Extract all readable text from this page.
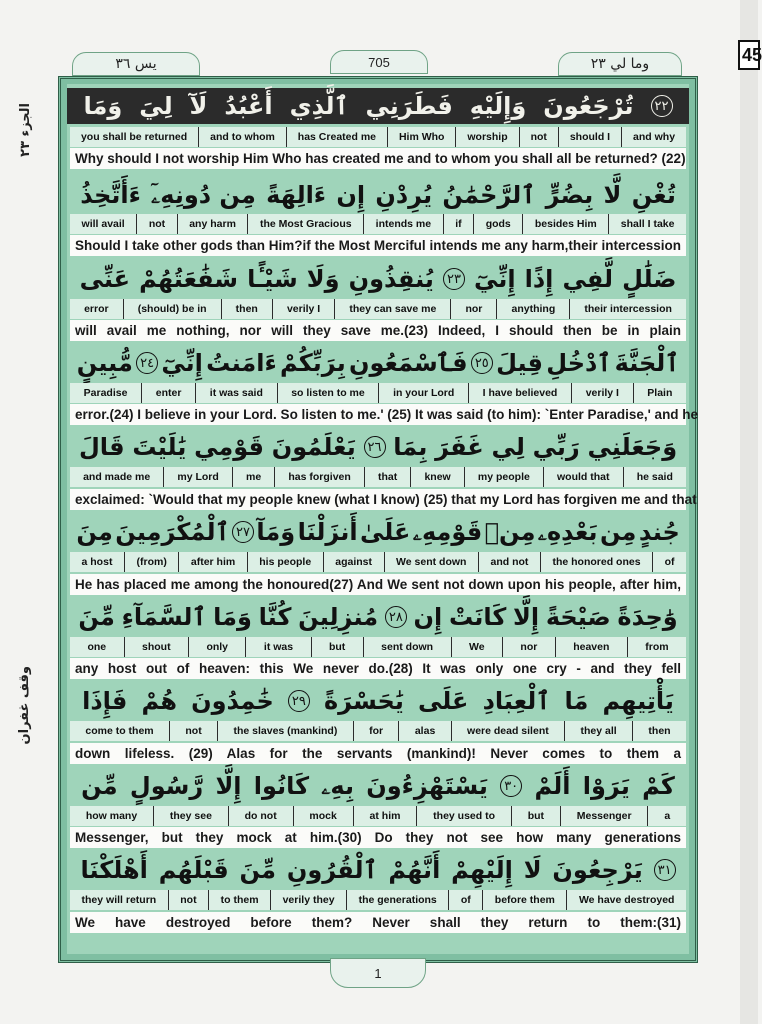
45
الجزء ٢٣
وقف غفران
يس ٣٦	705	وما لي ٢٣
وَمَا لِيَ لَآ أَعْبُدُ ٱلَّذِي فَطَرَنِي وَإِلَيْهِ تُرْجَعُونَ	٢٢
you shall be returned	and to whom	has Created me	Him Who	worship	not	should I	and why
Why should I not worship Him Who has created me and to whom you shall all be returned? (22)
ءَأَتَّخِذُ مِن دُونِهِۦٓ ءَالِهَةً إِن يُرِدْنِ ٱلرَّحْمَٰنُ بِضُرٍّ لَّا تُغْنِ
will avail	not	any harm	the Most Gracious	intends me	if	gods	besides Him	shall I take
Should I take other gods than Him?if the Most Merciful intends me any harm,their intercession
عَنِّى شَفَٰعَتُهُمْ شَيْـًٔا وَلَا يُنقِذُونِ	٢٣ إِنِّيٓ إِذًا لَّفِي ضَلَٰلٍ
error	(should) be in	then	verily I	they can save me	nor	anything	their intercession
will avail me nothing, nor will they save me.(23) Indeed, I should then be in plain
مُّبِينٍ ٢٤ إِنِّيٓ ءَامَنتُ بِرَبِّكُمْ فَٱسْمَعُونِ ٢٥ قِيلَ ٱدْخُلِ ٱلْجَنَّةَ
Paradise	enter	it was said	so listen to me	in your Lord	I have believed	verily I	Plain
error.(24) I believe in your Lord. So listen to me.' (25) It was said (to him): `Enter Paradise,' and he
قَالَ يَٰلَيْتَ قَوْمِي يَعْلَمُونَ ٢٦ بِمَا غَفَرَ لِي رَبِّي وَجَعَلَنِي
and made me	my Lord	me	has forgiven	that	knew	my people	would that	he said
exclaimed: `Would that my people knew (what I know) (25) that my Lord has forgiven me and that
مِنَ ٱلْمُكْرَمِينَ ٢٧ وَمَآ أَنزَلْنَا عَلَىٰ قَوْمِهِۦ مِنۢ بَعْدِهِۦ مِن جُندٍ
a host	(from)	after him	his people	against	We sent down	and not	the honored ones	of
He has placed me among the honoured(27) And We sent not down upon his people, after him,
مِّنَ ٱلسَّمَآءِ وَمَا كُنَّا مُنزِلِينَ ٢٨ إِن كَانَتْ إِلَّا صَيْحَةً وَٰحِدَةً
one	shout	only	it was	but	sent down	We	nor	heaven	from
any host out of heaven: this We never do.(28) It was only one cry - and they fell
فَإِذَا هُمْ خَٰمِدُونَ	٢٩ يَٰحَسْرَةً عَلَى ٱلْعِبَادِ مَا يَأْتِيهِم
come to them	not	the slaves (mankind)	for	alas	were dead silent	they all	then
down lifeless. (29) Alas for the servants (mankind)! Never comes to them a
مِّن رَّسُولٍ إِلَّا كَانُوا بِهِۦ يَسْتَهْزِءُونَ	٣٠ أَلَمْ يَرَوْا كَمْ
how many	they see	do not	mock	at him	they used to	but	Messenger	a
Messenger, but they mock at him.(30) Do they not see how many generations
أَهْلَكْنَا قَبْلَهُم مِّنَ ٱلْقُرُونِ أَنَّهُمْ إِلَيْهِمْ لَا يَرْجِعُونَ	٣١
they will return	not	to them	verily they	the generations	of	before them	We have destroyed
We have destroyed before them? Never shall they return to them:(31)
1
